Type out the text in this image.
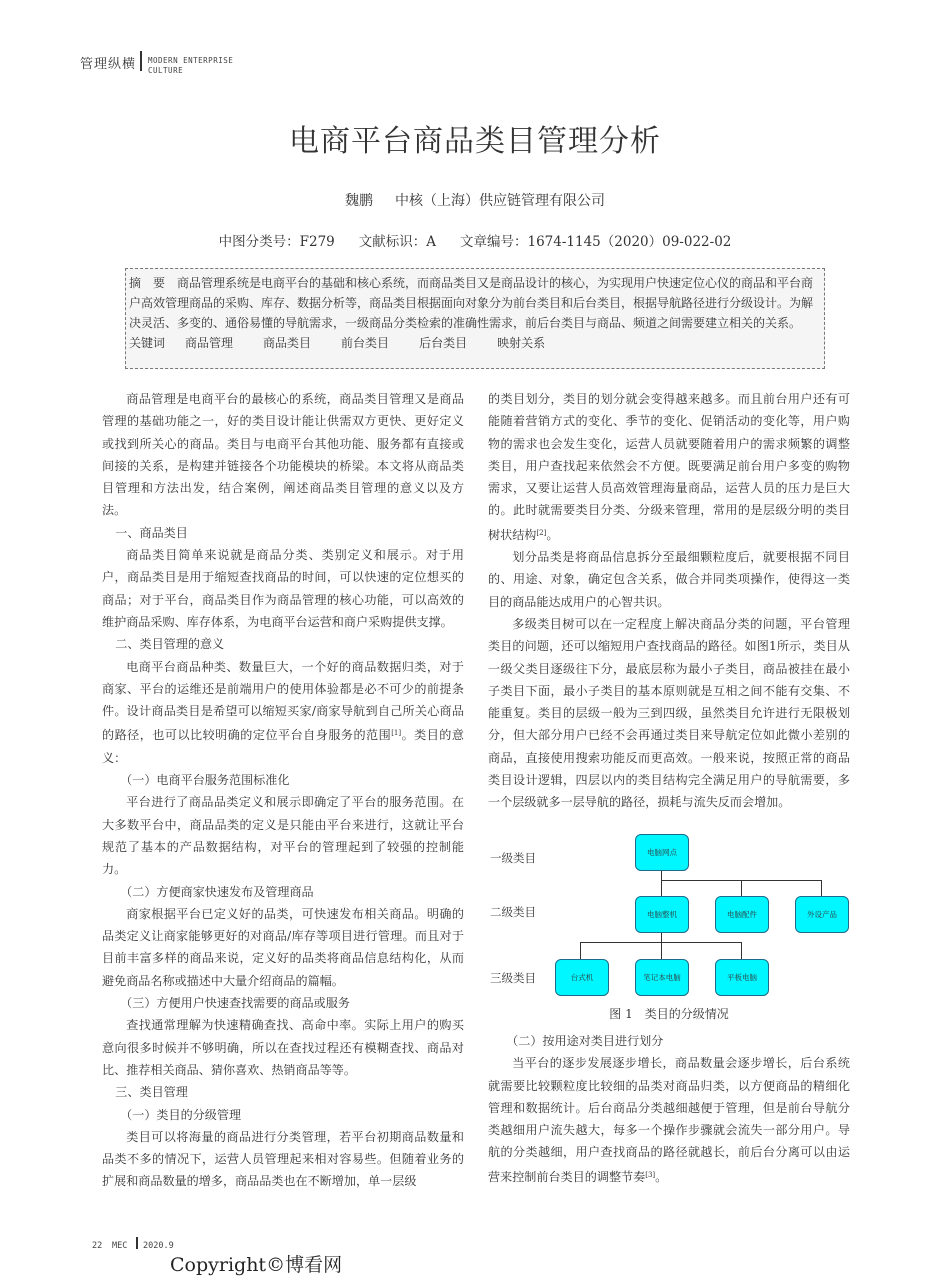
管理纵横 MODERN ENTERPRISE
CULTURE
电商平台商品类目管理分析
魏鹏 中核（上海）供应链管理有限公司
中图分类号：F279 文献标识：A 文章编号：1674-1145（2020）09-022-02
摘要商品管理系统是电商平台的基础和核心系统，而商品类目又是商品设计的核心，为实现用户快速定位心仪的商品和平台商户高效管理商品的采购、库存、数据分析等，商品类目根据面向对象分为前台类目和后台类目，根据导航路径进行分级设计。为解决灵活、多变的、通俗易懂的导航需求，一级商品分类检索的准确性需求，前后台类目与商品、频道之间需要建立相关的关系。
关键词 商品管理	商品类目	前台类目	后台类目	映射关系

商品管理是电商平台的最核心的系统，商品类目管理又是商品管理的基础功能之一，好的类目设计能让供需双方更快、更好定义或找到所关心的商品。类目与电商平台其他功能、服务都有直接或间接的关系，是构建并链接各个功能模块的桥梁。本文将从商品类目管理和方法出发，结合案例，阐述商品类目管理的意义以及方法。

一、商品类目

商品类目简单来说就是商品分类、类别定义和展示。对于用户，商品类目是用于缩短查找商品的时间，可以快速的定位想买的商品；对于平台，商品类目作为商品管理的核心功能，可以高效的维护商品采购、库存体系，为电商平台运营和商户采购提供支撑。

二、类目管理的意义

电商平台商品种类、数量巨大，一个好的商品数据归类，对于商家、平台的运维还是前端用户的使用体验都是必不可少的前提条件。设计商品类目是希望可以缩短买家/商家导航到自己所关心商品的路径，也可以比较明确的定位平台自身服务的范围[1]。类目的意义：

（一）电商平台服务范围标准化

平台进行了商品品类定义和展示即确定了平台的服务范围。在大多数平台中，商品品类的定义是只能由平台来进行，这就让平台规范了基本的产品数据结构，对平台的管理起到了较强的控制能力。

（二）方便商家快速发布及管理商品

商家根据平台已定义好的品类，可快速发布相关商品。明确的品类定义让商家能够更好的对商品/库存等项目进行管理。而且对于目前丰富多样的商品来说，定义好的品类将商品信息结构化，从而避免商品名称或描述中大量介绍商品的篇幅。

（三）方便用户快速查找需要的商品或服务

查找通常理解为快速精确查找、高命中率。实际上用户的购买意向很多时候并不够明确，所以在查找过程还有模糊查找、商品对比、推荐相关商品、猜你喜欢、热销商品等等。

三、类目管理

（一）类目的分级管理

类目可以将海量的商品进行分类管理，若平台初期商品数量和品类不多的情况下，运营人员管理起来相对容易些。但随着业务的扩展和商品数量的增多，商品品类也在不断增加，单一层级

的类目划分，类目的划分就会变得越来越多。而且前台用户还有可能随着营销方式的变化、季节的变化、促销活动的变化等，用户购物的需求也会发生变化，运营人员就要随着用户的需求频繁的调整类目，用户查找起来依然会不方便。既要满足前台用户多变的购物需求，又要让运营人员高效管理海量商品，运营人员的压力是巨大的。此时就需要类目分类、分级来管理，常用的是层级分明的类目树状结构[2]。

划分品类是将商品信息拆分至最细颗粒度后，就要根据不同目的、用途、对象，确定包含关系，做合并同类项操作，使得这一类目的商品能达成用户的心智共识。

多级类目树可以在一定程度上解决商品分类的问题，平台管理类目的问题，还可以缩短用户查找商品的路径。如图1所示，类目从一级父类目逐级往下分，最底层称为最小子类目，商品被挂在最小子类目下面，最小子类目的基本原则就是互相之间不能有交集、不能重复。类目的层级一般为三到四级，虽然类目允许进行无限极划分，但大部分用户已经不会再通过类目来导航定位如此微小差别的商品，直接使用搜索功能反而更高效。一般来说，按照正常的商品类目设计逻辑，四层以内的类目结构完全满足用户的导航需要，多一个层级就多一层导航的路径，损耗与流失反而会增加。

一级类目
二级类目
三级类目
电脑网点
电脑整机	电脑配件	外设产品
台式机	笔记本电脑	平板电脑
图 1　类目的分级情况

（二）按用途对类目进行划分

当平台的逐步发展逐步增长，商品数量会逐步增长，后台系统就需要比较颗粒度比较细的品类对商品归类，以方便商品的精细化管理和数据统计。后台商品分类越细越便于管理，但是前台导航分类越细用户流失越大，每多一个操作步骤就会流失一部分用户。导航的分类越细，用户查找商品的路径就越长，前后台分离可以由运营来控制前台类目的调整节奏[3]。

22 MEC 2020.9
Copyright©博看网
